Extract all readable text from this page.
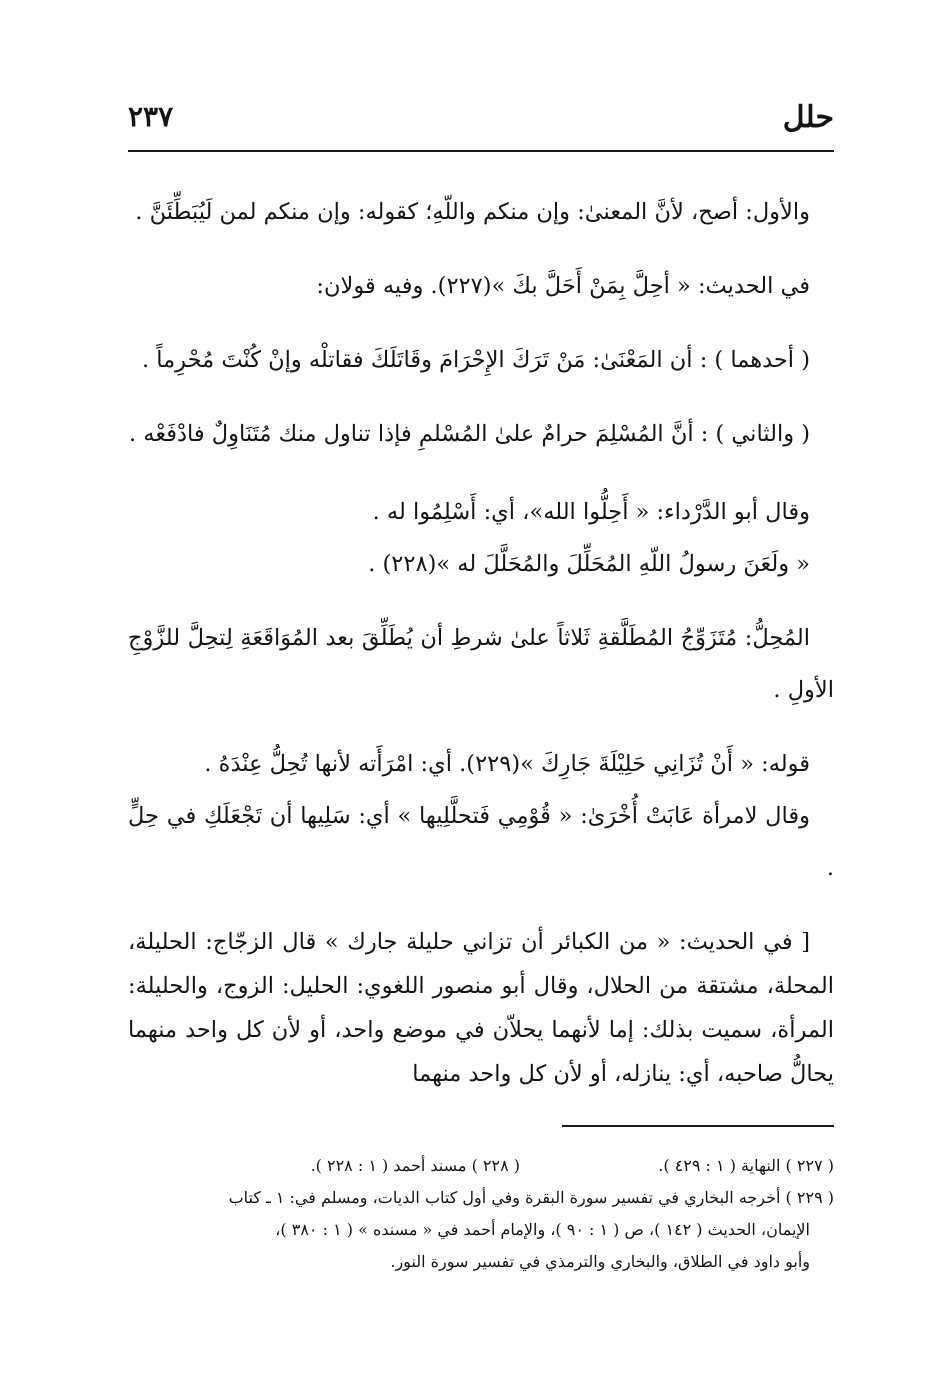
حلل
٢٣٧

والأول: أصح، لأنَّ المعنىٰ: وإن منكم واللّهِ؛ كقوله: وإن منكم لمن لَيُبَطِّئَنَّ .

في الحديث: « أحِلَّ بِمَنْ أَحَلَّ بكَ »(٢٢٧). وفيه قولان:

( أحدهما ) : أن المَعْنَىٰ: مَنْ تَرَكَ الإِحْرَامَ وقَاتَلَكَ فقاتلْه وإنْ كُنْتَ مُحْرِماً .

( والثاني ) : أنَّ المُسْلِمَ حرامٌ علىٰ المُسْلمِ فإذا تناول منك مُتَنَاوِلٌ فادْفَعْه .

وقال أبو الدَّرْداء: « أَحِلُّوا الله»، أي: أَسْلِمُوا له .

« ولَعَنَ رسولُ اللّهِ المُحَلِّلَ والمُحَلَّلَ له »(٢٢٨) .

المُحِلُّ: مُتَزَوِّجُ المُطَلَّقةِ ثَلاثاً علىٰ شرطِ أن يُطَلِّقَ بعد المُوَاقَعَةِ لِتحِلَّ للزَّوْجِ الأولِ .

قوله: « أَنْ تُزَانِي حَلِيْلَةَ جَارِكَ »(٢٢٩). أي: امْرَأَته لأنها تُحِلُّ عِنْدَهُ .

وقال لامرأة عَابَتْ أُخْرَىٰ: « قُوْمِي فَتحلَّلِيها » أي: سَلِيها أن تَجْعَلَكِ في حِلٍّ .

[ في الحديث: « من الكبائر أن تزاني حليلة جارك » قال الزجّاج: الحليلة، المحلة، مشتقة من الحلال، وقال أبو منصور اللغوي: الحليل: الزوج، والحليلة: المرأة، سميت بذلك: إما لأنهما يحلاّن في موضع واحد، أو لأن كل واحد منهما يحالُّ صاحبه، أي: ينازله، أو لأن كل واحد منهما

( ٢٢٧ ) النهاية ( ١ : ٤٢٩ ).
( ٢٢٨ ) مسند أحمد ( ١ : ٢٢٨ ).
( ٢٢٩ ) أخرجه البخاري في تفسير سورة البقرة وفي أول كتاب الديات، ومسلم في: ١ ـ كتاب
الإيمان، الحديث ( ١٤٢ )، ص ( ١ : ٩٠ )، والإمام أحمد في « مسنده » ( ١ : ٣٨٠ )،
وأبو داود في الطلاق، والبخاري والترمذي في تفسير سورة النور.
